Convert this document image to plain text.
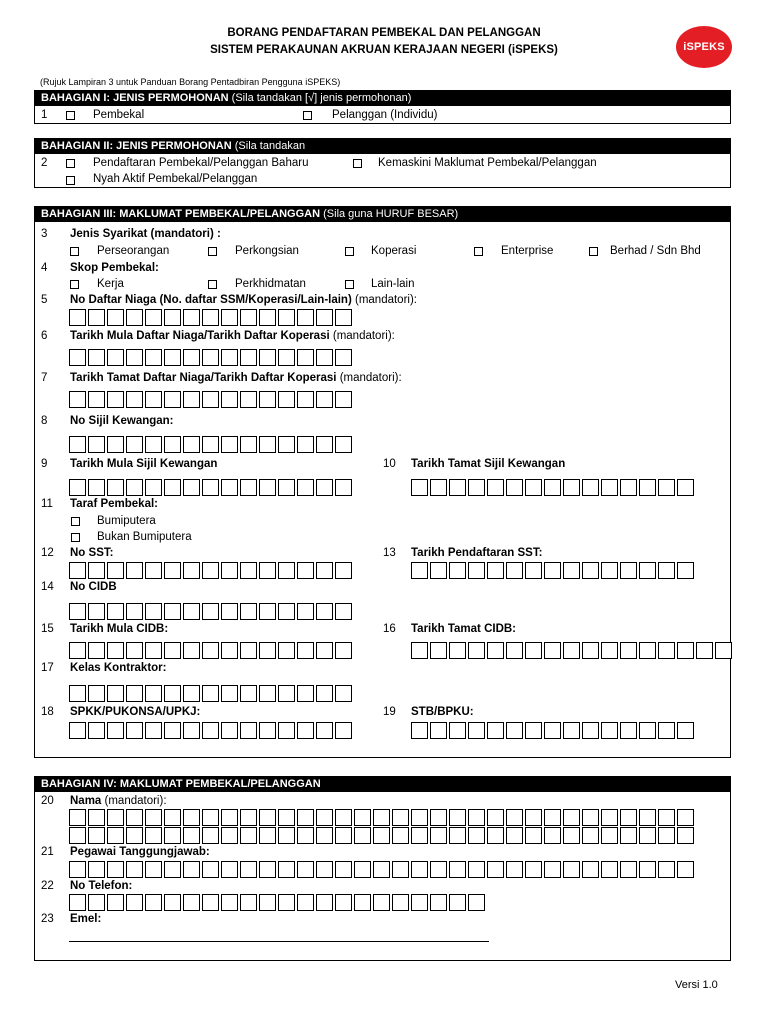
BORANG PENDAFTARAN PEMBEKAL DAN PELANGGAN
SISTEM PERAKAUNAN AKRUAN KERAJAAN NEGERI (iSPEKS)	iSPEKS
(Rujuk Lampiran 3 untuk Panduan Borang Pentadbiran Pengguna iSPEKS)
BAHAGIAN I: JENIS PERMOHONAN (Sila tandakan [√] jenis permohonan)
1	Pembekal	Pelanggan (Individu)
BAHAGIAN II: JENIS PERMOHONAN (Sila tandakan
2	Pendaftaran Pembekal/Pelanggan Baharu	Kemaskini Maklumat Pembekal/Pelanggan
Nyah Aktif Pembekal/Pelanggan
BAHAGIAN III: MAKLUMAT PEMBEKAL/PELANGGAN (Sila guna HURUF BESAR)
3 Jenis Syarikat (mandatori) :
Perseorangan	Perkongsian	Koperasi	Enterprise	Berhad / Sdn Bhd
4 Skop Pembekal:
Kerja	Perkhidmatan	Lain-lain
5 No Daftar Niaga (No. daftar SSM/Koperasi/Lain-lain) (mandatori):
6 Tarikh Mula Daftar Niaga/Tarikh Daftar Koperasi (mandatori):
7 Tarikh Tamat Daftar Niaga/Tarikh Daftar Koperasi (mandatori):
8 No Sijil Kewangan:
9 Tarikh Mula Sijil Kewangan	10 Tarikh Tamat Sijil Kewangan
11 Taraf Pembekal:
Bumiputera
Bukan Bumiputera
12 No SST:	13 Tarikh Pendaftaran SST:
14 No CIDB
15 Tarikh Mula CIDB:	16 Tarikh Tamat CIDB:
17 Kelas Kontraktor:
18 SPKK/PUKONSA/UPKJ:	19 STB/BPKU:
BAHAGIAN IV: MAKLUMAT PEMBEKAL/PELANGGAN
20 Nama (mandatori):
21 Pegawai Tanggungjawab:
22 No Telefon:
23 Emel:
Versi 1.0
